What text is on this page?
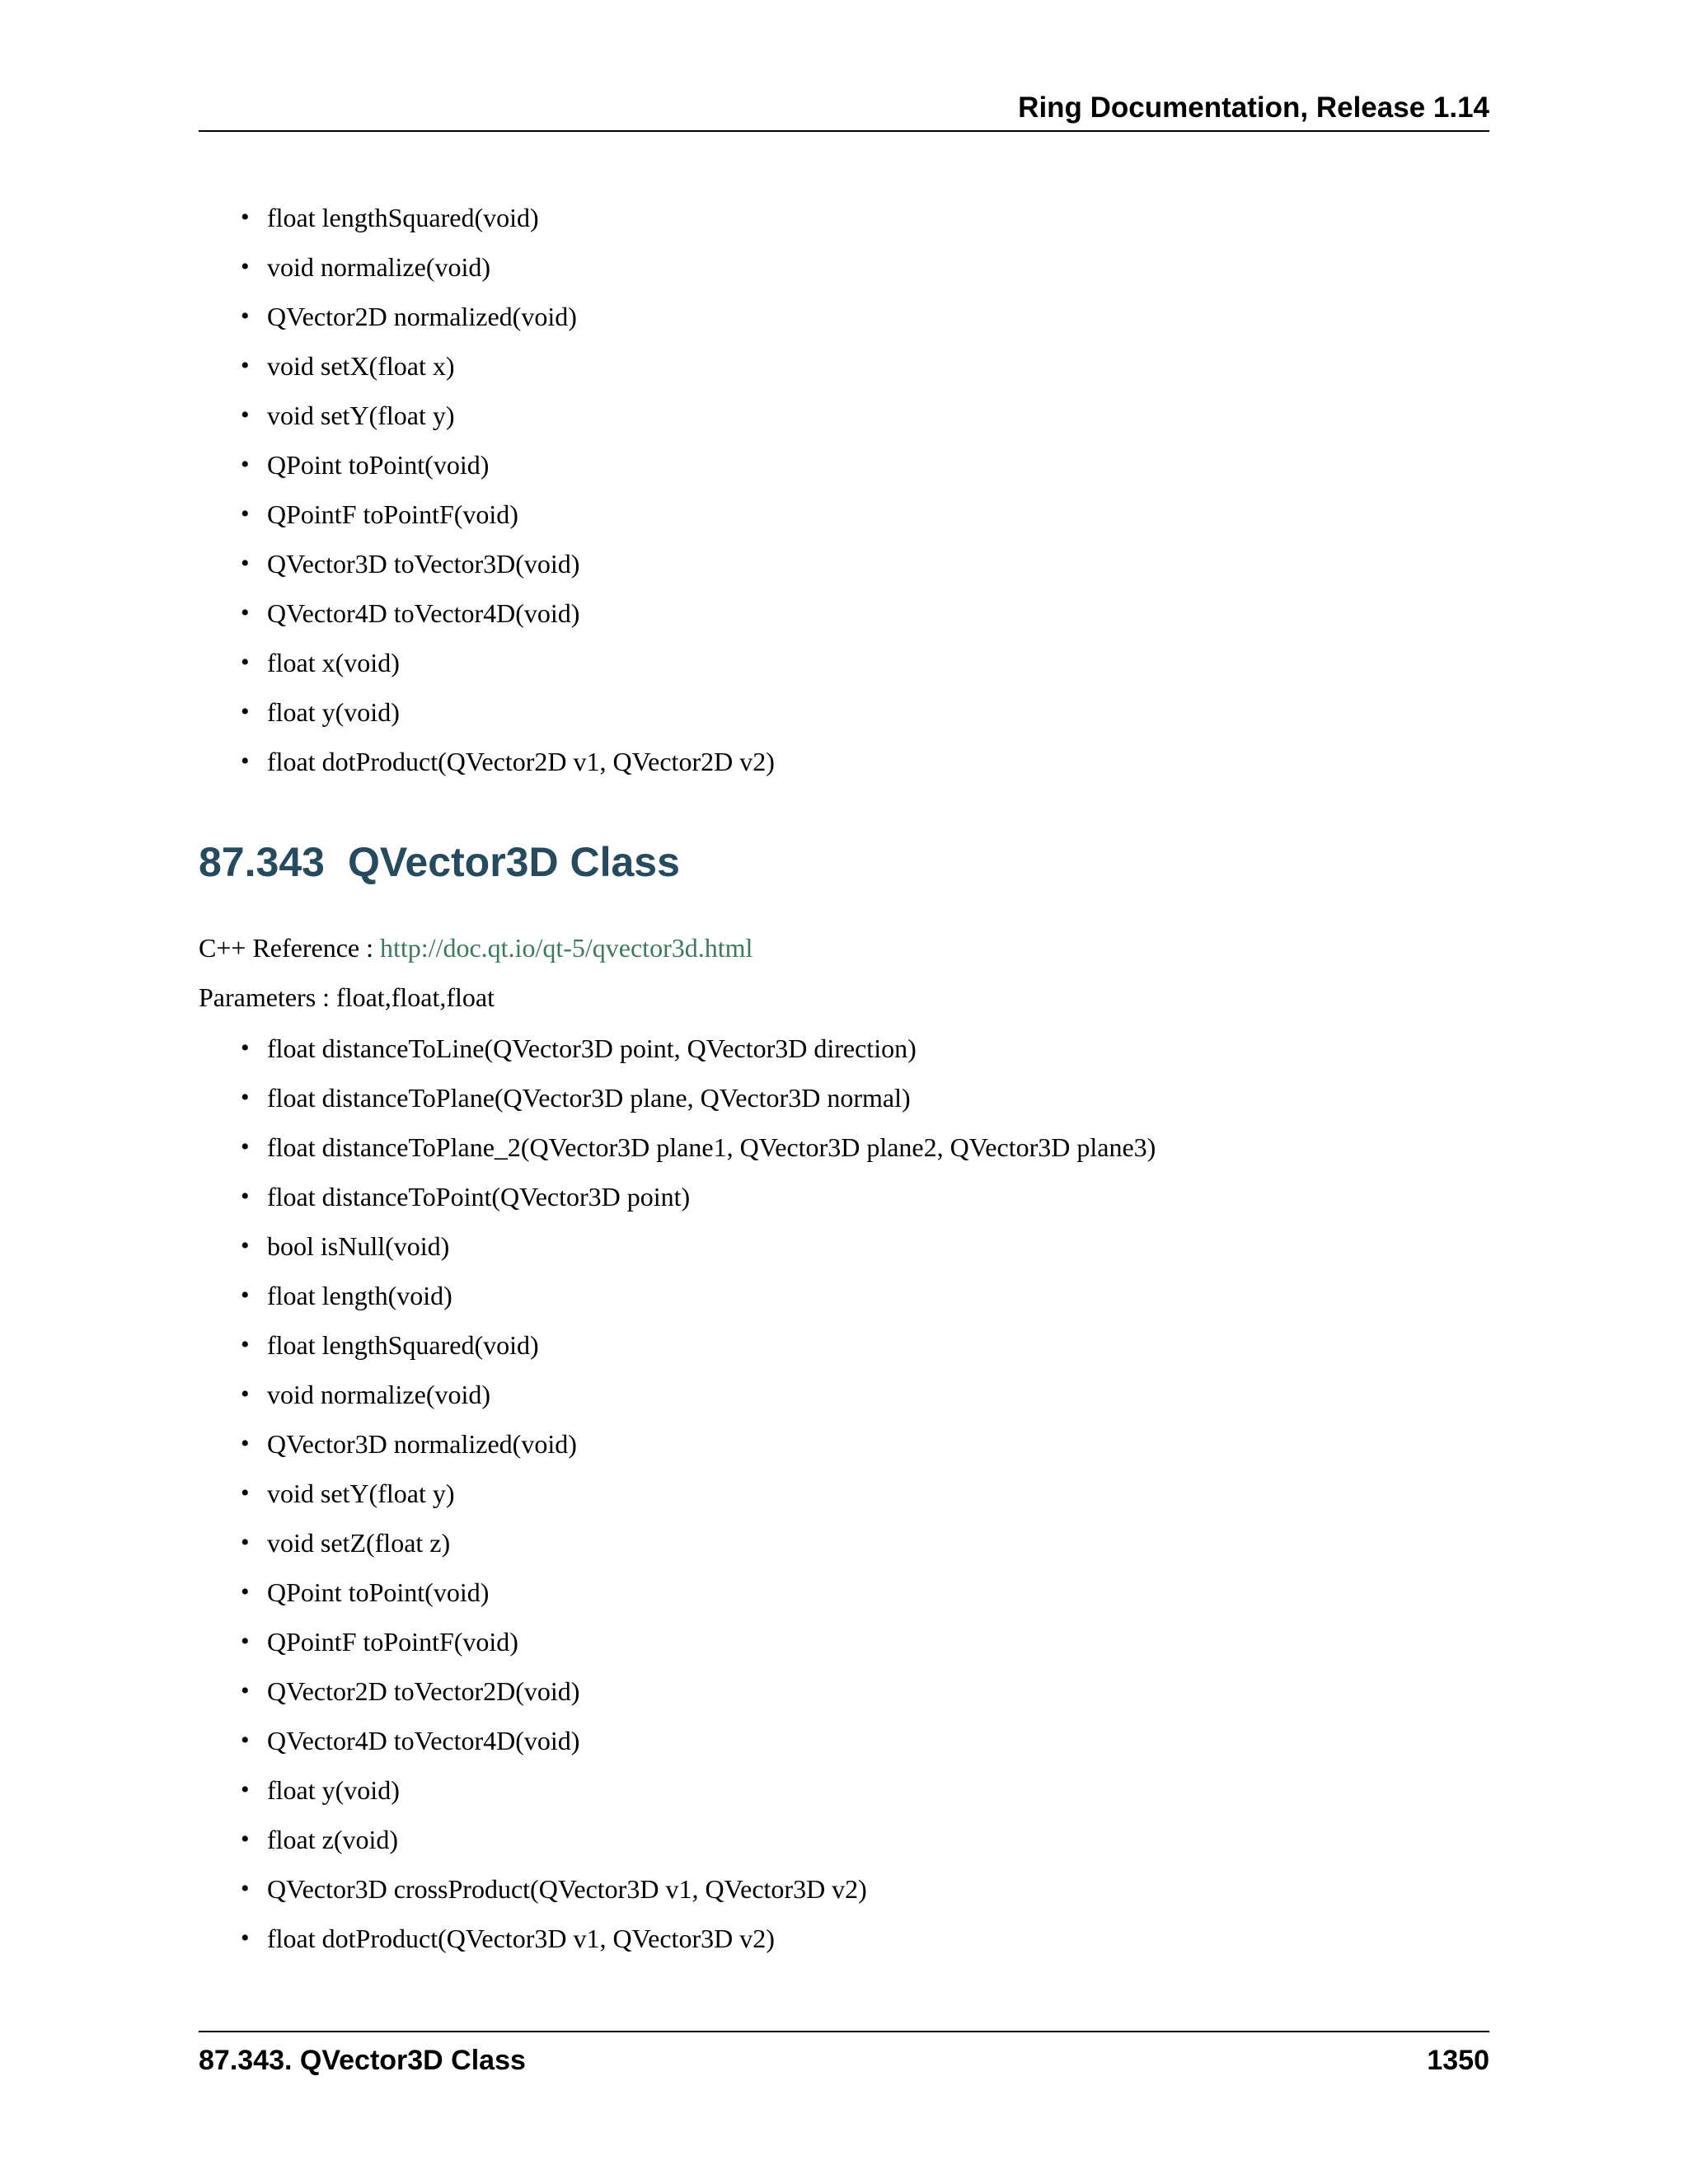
Ring Documentation, Release 1.14
• float lengthSquared(void)
• void normalize(void)
• QVector2D normalized(void)
• void setX(float x)
• void setY(float y)
• QPoint toPoint(void)
• QPointF toPointF(void)
• QVector3D toVector3D(void)
• QVector4D toVector4D(void)
• float x(void)
• float y(void)
• float dotProduct(QVector2D v1, QVector2D v2)
87.343 QVector3D Class
C++ Reference : http://doc.qt.io/qt-5/qvector3d.html
Parameters : float,float,float
• float distanceToLine(QVector3D point, QVector3D direction)
• float distanceToPlane(QVector3D plane, QVector3D normal)
• float distanceToPlane_2(QVector3D plane1, QVector3D plane2, QVector3D plane3)
• float distanceToPoint(QVector3D point)
• bool isNull(void)
• float length(void)
• float lengthSquared(void)
• void normalize(void)
• QVector3D normalized(void)
• void setY(float y)
• void setZ(float z)
• QPoint toPoint(void)
• QPointF toPointF(void)
• QVector2D toVector2D(void)
• QVector4D toVector4D(void)
• float y(void)
• float z(void)
• QVector3D crossProduct(QVector3D v1, QVector3D v2)
• float dotProduct(QVector3D v1, QVector3D v2)
87.343. QVector3D Class	1350
